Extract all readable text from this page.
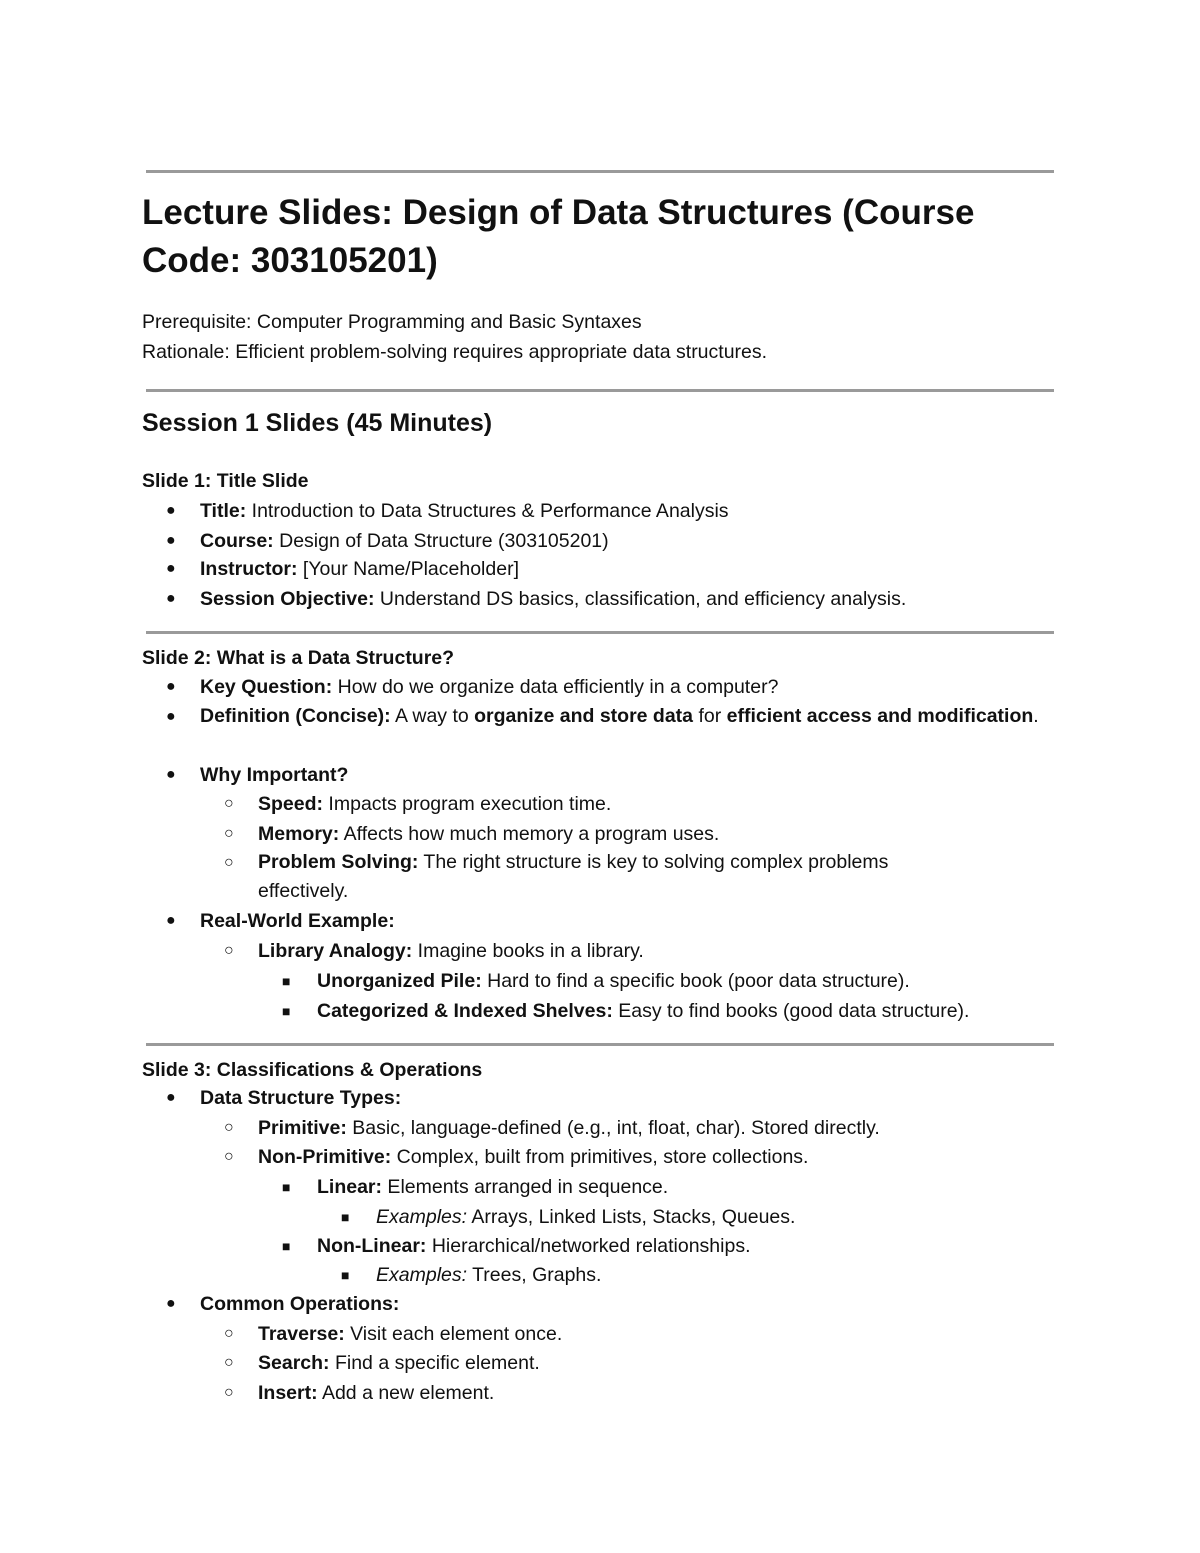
Lecture Slides: Design of Data Structures (Course Code: 303105201)

Prerequisite: Computer Programming and Basic Syntaxes

Rationale: Efficient problem-solving requires appropriate data structures.

Session 1 Slides (45 Minutes)
Slide 1: Title Slide

● Title: Introduction to Data Structures & Performance Analysis

● Course: Design of Data Structure (303105201)

● Instructor: [Your Name/Placeholder]

● Session Objective: Understand DS basics, classification, and efficiency analysis.

Slide 2: What is a Data Structure?

● Key Question: How do we organize data efficiently in a computer?

● Definition (Concise): A way to organize and store data for efficient access and modification.

● Why Important?

○ Speed: Impacts program execution time.

○ Memory: Affects how much memory a program uses.

○ Problem Solving: The right structure is key to solving complex problems effectively.

● Real-World Example:

○ Library Analogy: Imagine books in a library.

■ Unorganized Pile: Hard to find a specific book (poor data structure).

■ Categorized & Indexed Shelves: Easy to find books (good data structure).

Slide 3: Classifications & Operations

● Data Structure Types:

○ Primitive: Basic, language-defined (e.g., int, float, char). Stored directly.

○ Non-Primitive: Complex, built from primitives, store collections.

■ Linear: Elements arranged in sequence.

■ Examples: Arrays, Linked Lists, Stacks, Queues.

■ Non-Linear: Hierarchical/networked relationships.

■ Examples: Trees, Graphs.

● Common Operations:

○ Traverse: Visit each element once.

○ Search: Find a specific element.

○ Insert: Add a new element.
